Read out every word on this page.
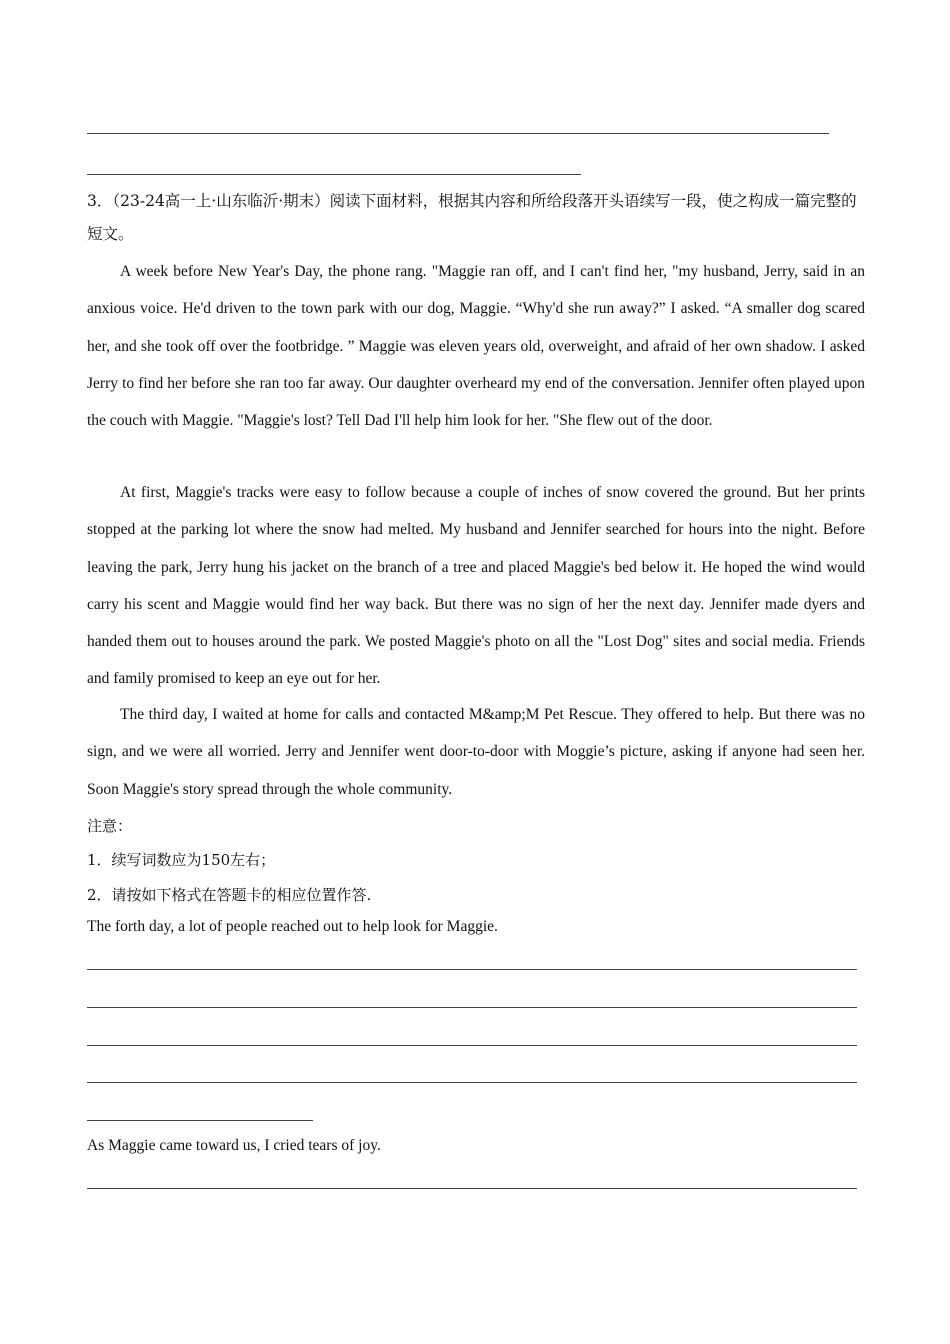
3．（23-24高一上·山东临沂·期末）阅读下面材料，根据其内容和所给段落开头语续写一段，使之构成一篇完整的短文。

A week before New Year's Day, the phone rang. "Maggie ran off, and I can't find her, "my husband, Jerry, said in an anxious voice. He'd driven to the town park with our dog, Maggie. “Why'd she run away?” I asked. “A smaller dog scared her, and she took off over the footbridge. ” Maggie was eleven years old, overweight, and afraid of her own shadow. I asked Jerry to find her before she ran too far away. Our daughter overheard my end of the conversation. Jennifer often played upon the couch with Maggie. "Maggie's lost? Tell Dad I'll help him look for her. "She flew out of the door.

At first, Maggie's tracks were easy to follow because a couple of inches of snow covered the ground. But her prints stopped at the parking lot where the snow had melted. My husband and Jennifer searched for hours into the night. Before leaving the park, Jerry hung his jacket on the branch of a tree and placed Maggie's bed below it. He hoped the wind would carry his scent and Maggie would find her way back. But there was no sign of her the next day. Jennifer made dyers and handed them out to houses around the park. We posted Maggie's photo on all the "Lost Dog" sites and social media. Friends and family promised to keep an eye out for her.

The third day, I waited at home for calls and contacted M&amp;M Pet Rescue. They offered to help. But there was no sign, and we were all worried. Jerry and Jennifer went door-to-door with Moggie’s picture, asking if anyone had seen her. Soon Maggie's story spread through the whole community.

注意：
1．续写词数应为150左右；
2．请按如下格式在答题卡的相应位置作答.
The forth day, a lot of people reached out to help look for Maggie.
As Maggie came toward us, I cried tears of joy.
